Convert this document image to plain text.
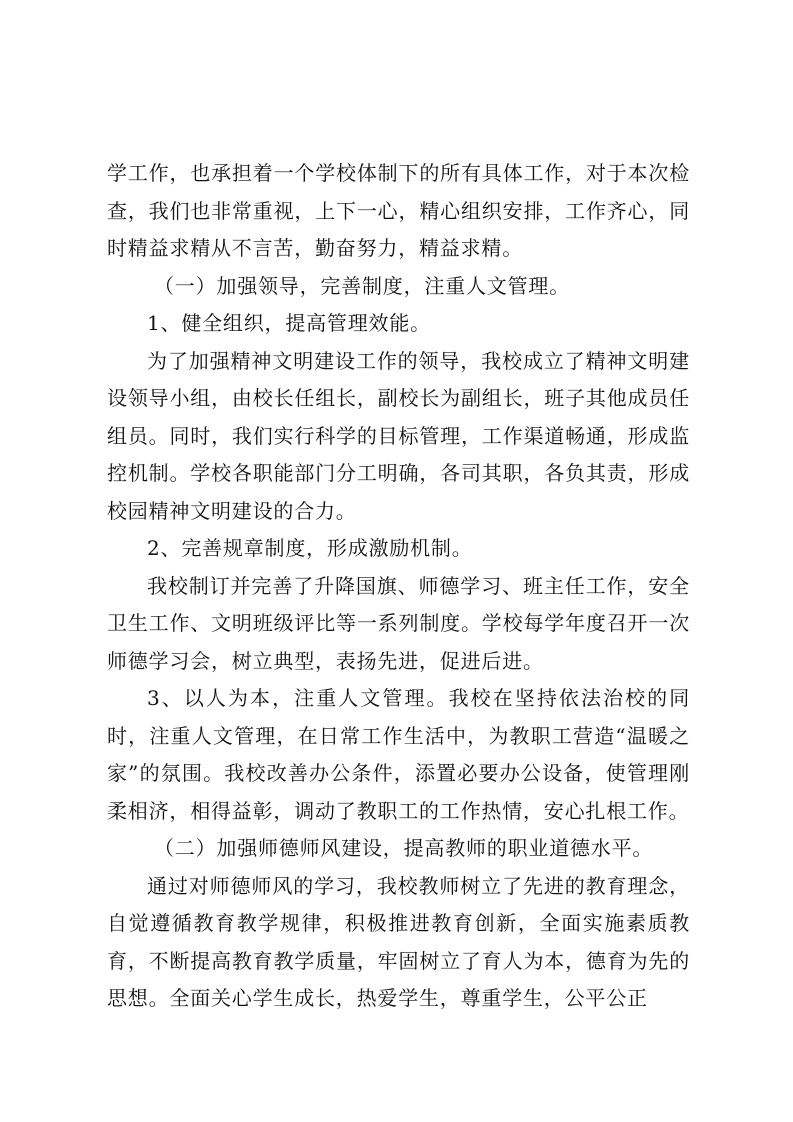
学工作，也承担着一个学校体制下的所有具体工作，对于本次检查，我们也非常重视，上下一心，精心组织安排，工作齐心，同时精益求精从不言苦，勤奋努力，精益求精。

（一）加强领导，完善制度，注重人文管理。

1、健全组织，提高管理效能。

为了加强精神文明建设工作的领导，我校成立了精神文明建设领导小组，由校长任组长，副校长为副组长，班子其他成员任组员。同时，我们实行科学的目标管理，工作渠道畅通，形成监控机制。学校各职能部门分工明确，各司其职，各负其责，形成校园精神文明建设的合力。

2、完善规章制度，形成激励机制。

我校制订并完善了升降国旗、师德学习、班主任工作，安全卫生工作、文明班级评比等一系列制度。学校每学年度召开一次师德学习会，树立典型，表扬先进，促进后进。

3、以人为本，注重人文管理。我校在坚持依法治校的同时，注重人文管理，在日常工作生活中，为教职工营造“温暖之家”的氛围。我校改善办公条件，添置必要办公设备，使管理刚柔相济，相得益彰，调动了教职工的工作热情，安心扎根工作。

（二）加强师德师风建设，提高教师的职业道德水平。

通过对师德师风的学习，我校教师树立了先进的教育理念，自觉遵循教育教学规律，积极推进教育创新，全面实施素质教育，不断提高教育教学质量，牢固树立了育人为本，德育为先的思想。全面关心学生成长，热爱学生，尊重学生，公平公正
